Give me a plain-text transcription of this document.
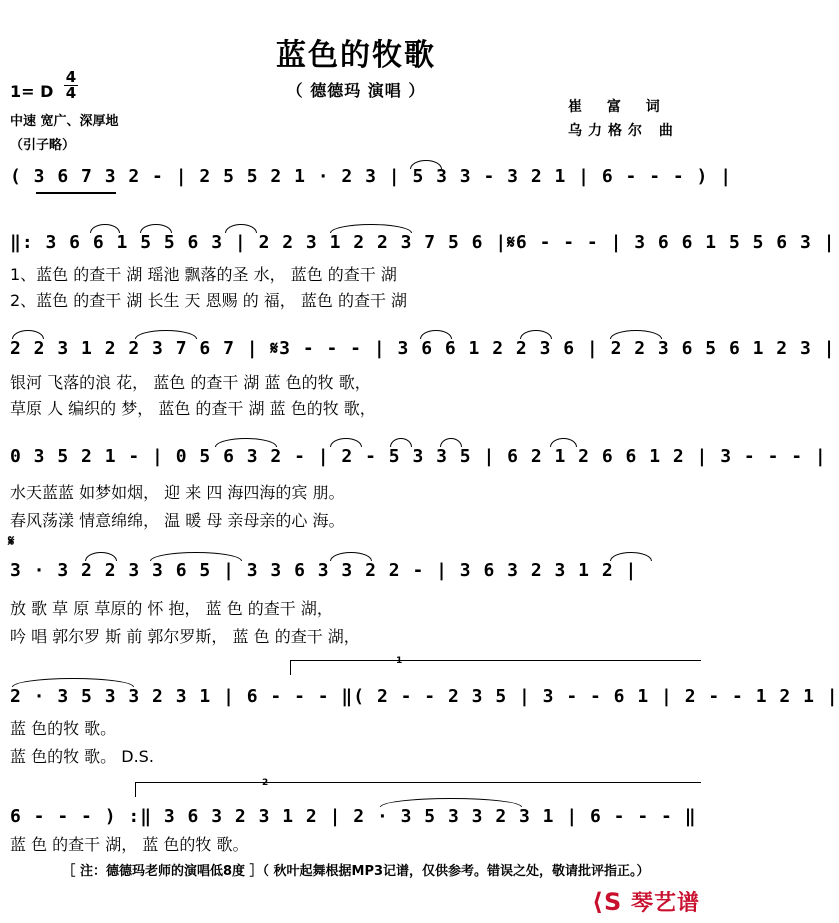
蓝色的牧歌
（ 德德玛 演唱 ）
1= D
4
4
中速 宽广、深厚地
（引子略）
崔 富 词
乌力格尔 曲
( 3 6 7 3 2 - | 2 5 5 2 1 · 2 3 | 5 3 3 - 3 2 1 | 6 - - - ) |
‖: 3 6 6 1 5 5 6 3 | 2 2 3 1 2 2 3 7 5 6 |𝄋6 - - - | 3 6 6 1 5 5 6 3 |
1、蓝色 的查干 湖 瑶池 飘落的圣 水， 蓝色 的查干 湖
2、蓝色 的查干 湖 长生 天 恩赐 的 福， 蓝色 的查干 湖
2 2 3 1 2 2 3 7 6 7 | 𝄋3 - - - | 3 6 6 1 2 2 3 6 | 2 2 3 6 5 6 1 2 3 |
银河 飞落的浪 花， 蓝色 的查干 湖 蓝 色的牧 歌，
草原 人 编织的 梦， 蓝色 的查干 湖 蓝 色的牧 歌，
0 3 5 2 1 - | 0 5 6 3 2 - | 2 - 5 3 3 5 | 6 2 1 2 6 6 1 2 | 3 - - - |
水天蓝蓝 如梦如烟， 迎 来 四 海四海的宾 朋。
春风荡漾 情意绵绵， 温 暖 母 亲母亲的心 海。
𝄋
3 · 3 2 2 3 3 6 5 | 3 3 6 3 3 2 2 - | 3 6 3 2 3 1 2 |
放 歌 草 原 草原的 怀 抱， 蓝 色 的查干 湖，
吟 唱 郭尔罗 斯 前 郭尔罗斯， 蓝 色 的查干 湖，
1
2 · 3 5 3 3 2 3 1 | 6 - - - ‖( 2 - - 2 3 5 | 3 - - 6 1 | 2 - - 1 2 1 |
蓝 色的牧 歌。
蓝 色的牧 歌。 D.S.
2
6 - - - ) :‖ 3 6 3 2 3 1 2 | 2 · 3 5 3 3 2 3 1 | 6 - - - ‖
蓝 色 的查干 湖， 蓝 色的牧 歌。
［ 注：德德玛老师的演唱低8度 ］（ 秋叶起舞根据MP3记谱，仅供参考。错误之处，敬请批评指正。）
⟨S 琴艺谱
